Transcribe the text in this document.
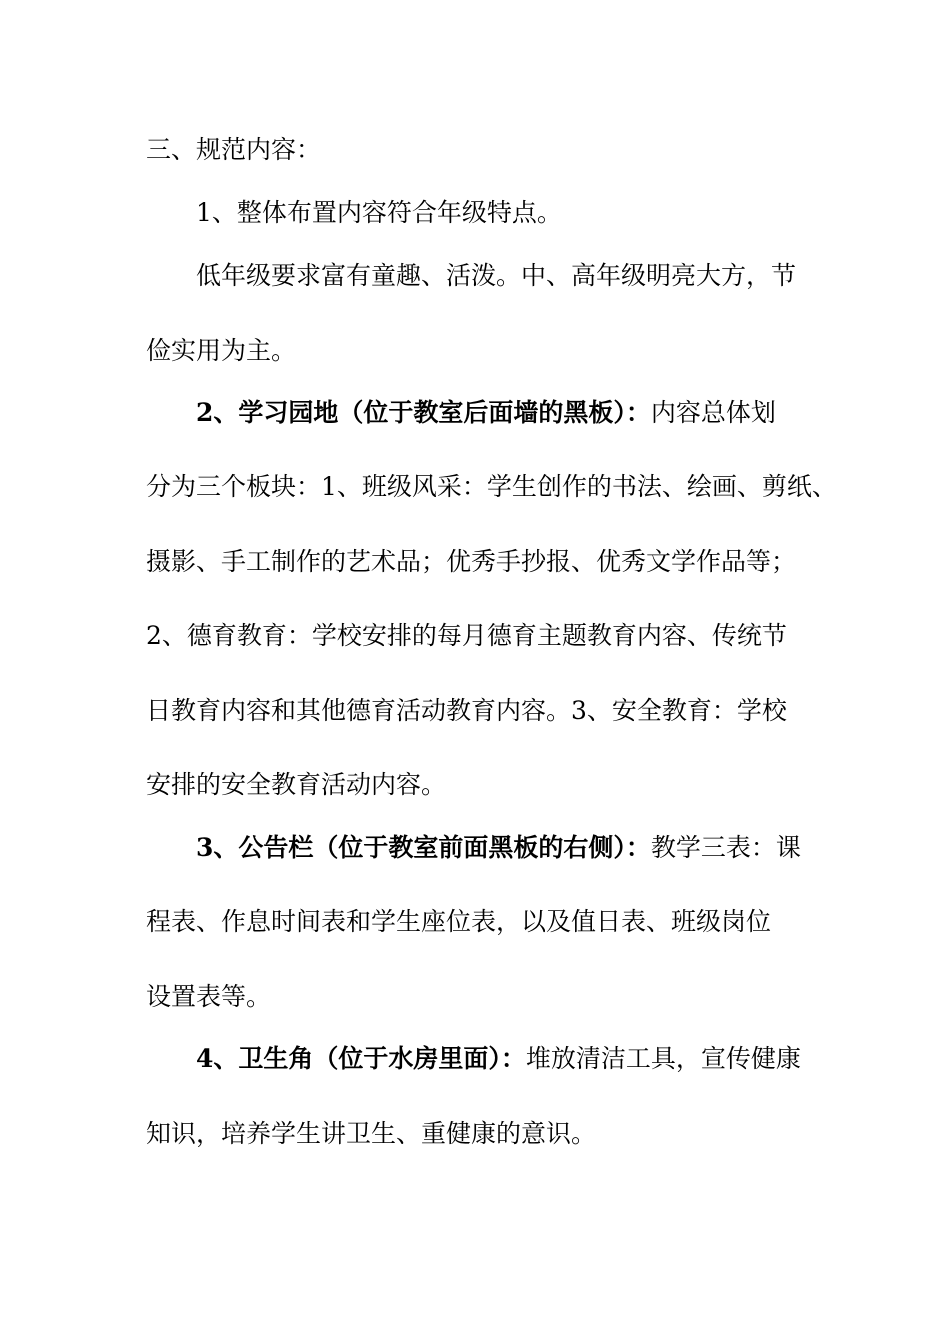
三、规范内容：
1、整体布置内容符合年级特点。
低年级要求富有童趣、活泼。中、高年级明亮大方，节
俭实用为主。
2、学习园地（位于教室后面墙的黑板）：内容总体划
分为三个板块：1、班级风采：学生创作的书法、绘画、剪纸、
摄影、手工制作的艺术品；优秀手抄报、优秀文学作品等；
2、德育教育：学校安排的每月德育主题教育内容、传统节
日教育内容和其他德育活动教育内容。3、安全教育：学校
安排的安全教育活动内容。
3、公告栏（位于教室前面黑板的右侧）：教学三表：课
程表、作息时间表和学生座位表，以及值日表、班级岗位
设置表等。
4、卫生角（位于水房里面）：堆放清洁工具，宣传健康
知识，培养学生讲卫生、重健康的意识。
